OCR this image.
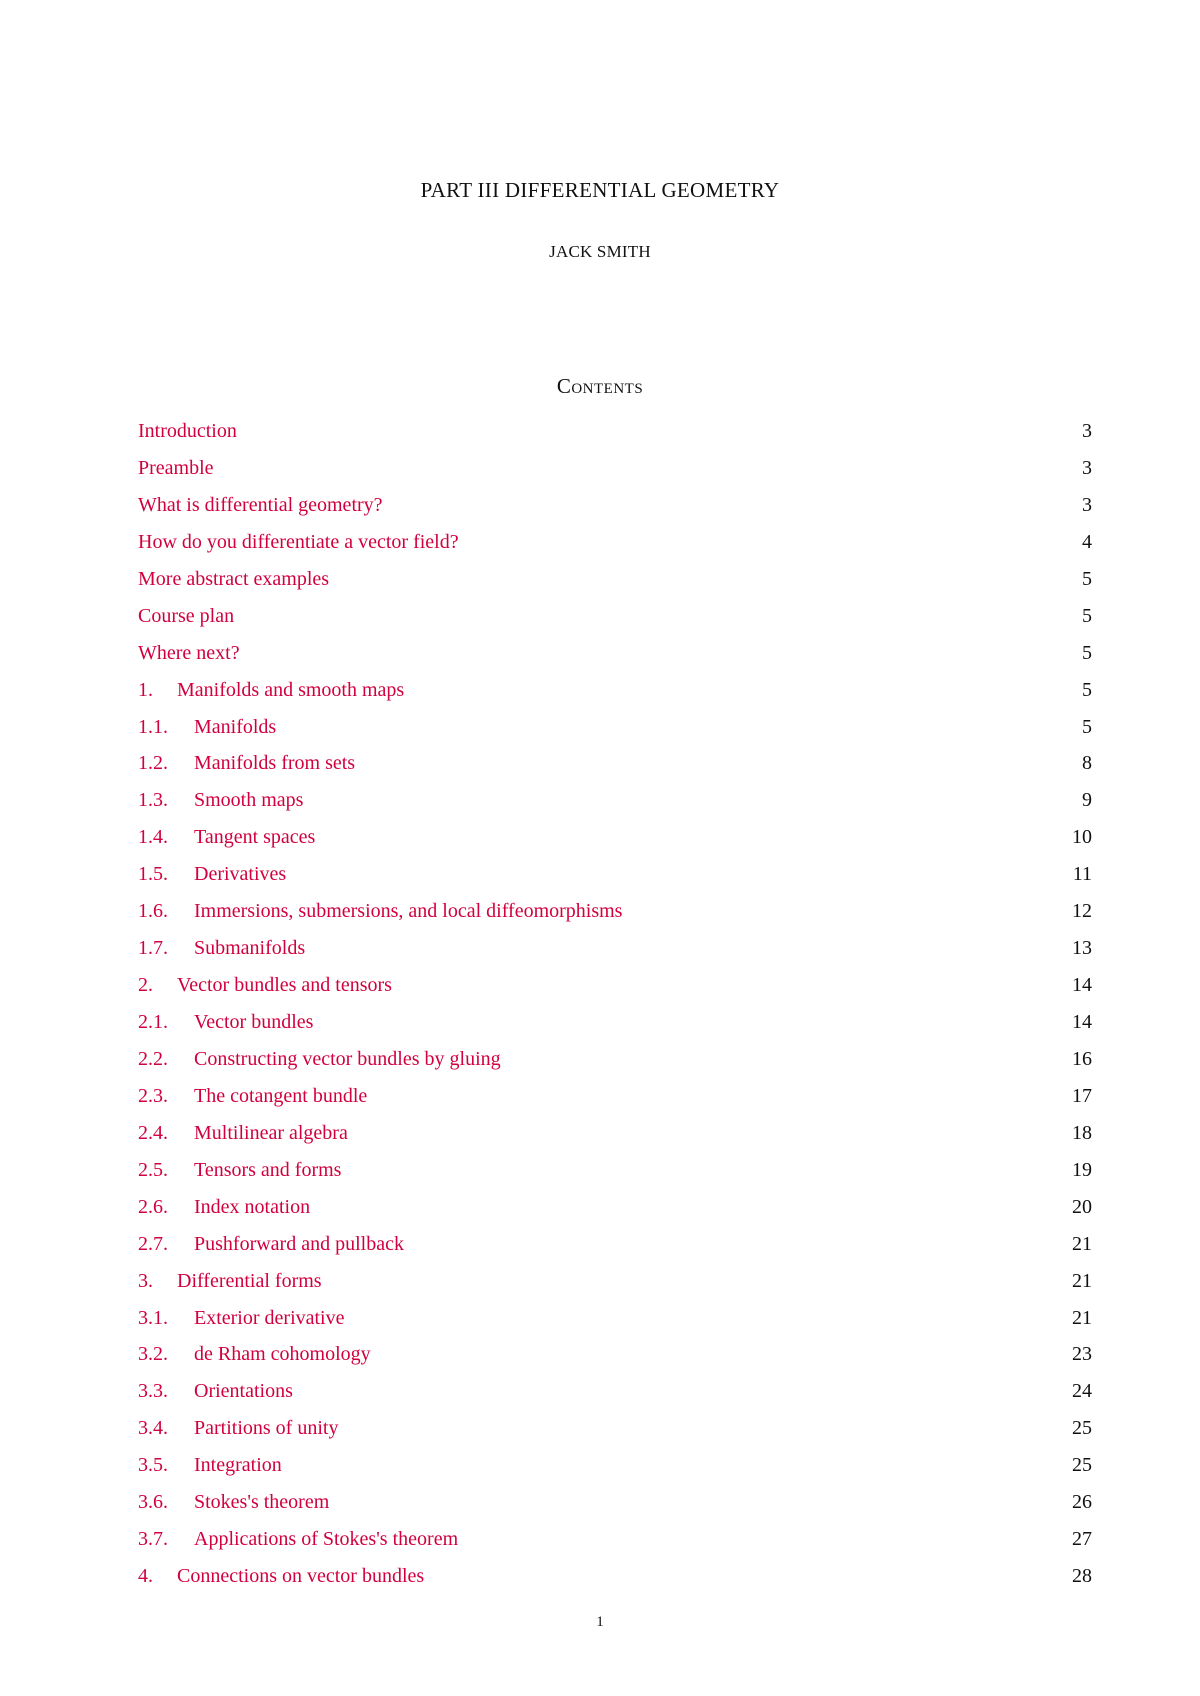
PART III DIFFERENTIAL GEOMETRY
JACK SMITH
Contents
Introduction	3
Preamble	3
What is differential geometry?	3
How do you differentiate a vector field?	4
More abstract examples	5
Course plan	5
Where next?	5
1.	Manifolds and smooth maps	5
1.1.	Manifolds	5
1.2.	Manifolds from sets	8
1.3.	Smooth maps	9
1.4.	Tangent spaces	10
1.5.	Derivatives	11
1.6.	Immersions, submersions, and local diffeomorphisms	12
1.7.	Submanifolds	13
2.	Vector bundles and tensors	14
2.1.	Vector bundles	14
2.2.	Constructing vector bundles by gluing	16
2.3.	The cotangent bundle	17
2.4.	Multilinear algebra	18
2.5.	Tensors and forms	19
2.6.	Index notation	20
2.7.	Pushforward and pullback	21
3.	Differential forms	21
3.1.	Exterior derivative	21
3.2.	de Rham cohomology	23
3.3.	Orientations	24
3.4.	Partitions of unity	25
3.5.	Integration	25
3.6.	Stokes's theorem	26
3.7.	Applications of Stokes's theorem	27
4.	Connections on vector bundles	28
1
